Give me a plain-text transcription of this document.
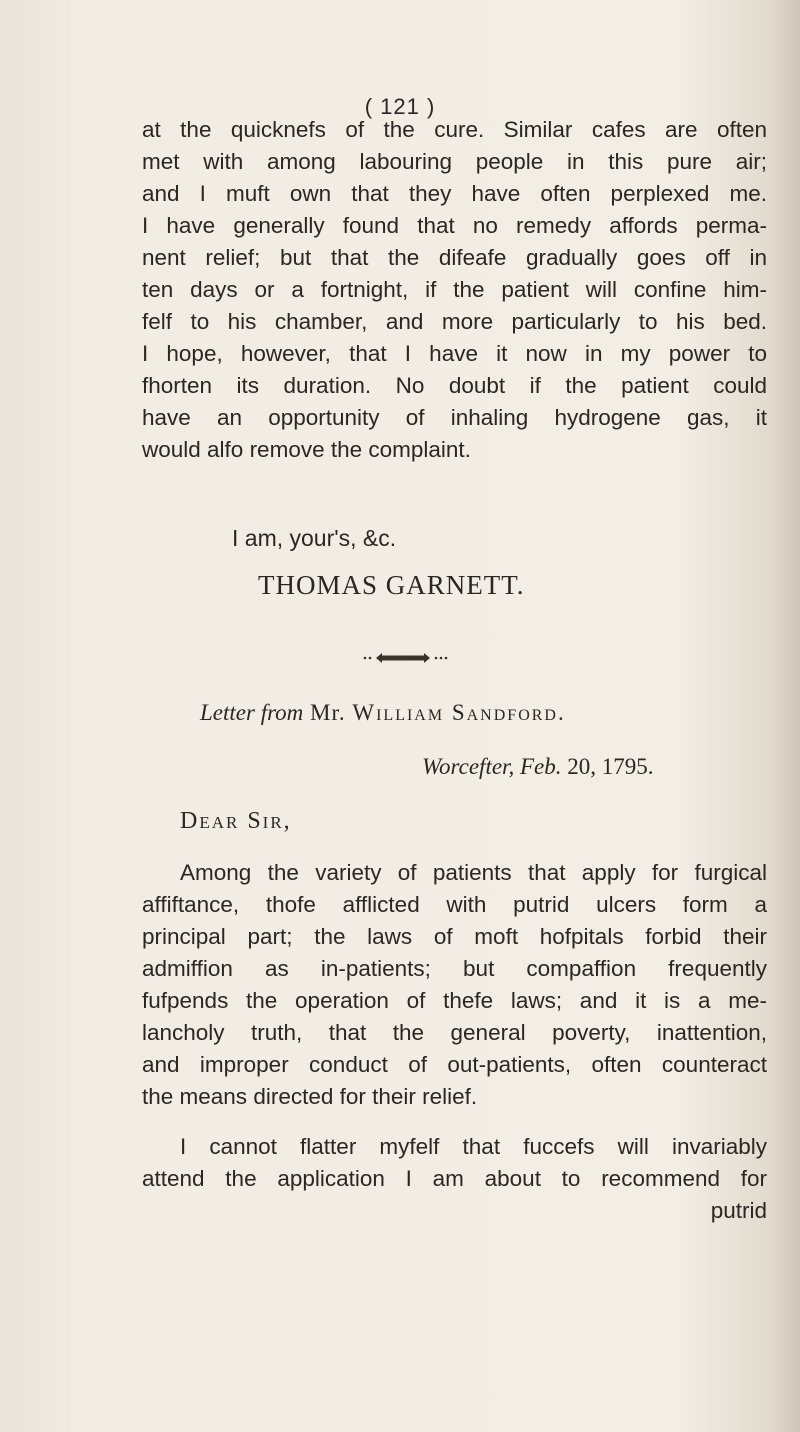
( 121 )
at the quicknefs of the cure. Similar cafes are often
met with among labouring people in this pure air;
and I muft own that they have often perplexed me.
I have generally found that no remedy affords perma-
nent relief; but that the difeafe gradually goes off in
ten days or a fortnight, if the patient will confine him-
felf to his chamber, and more particularly to his bed.
I hope, however, that I have it now in my power to
fhorten its duration. No doubt if the patient could
have an opportunity of inhaling hydrogene gas, it
would alfo remove the complaint.
I am, your's, &c.
THOMAS GARNETT.
Letter from Mr. William Sandford.
Worcefter, Feb. 20, 1795.
Dear Sir,
Among the variety of patients that apply for furgical
affiftance, thofe afflicted with putrid ulcers form a
principal part; the laws of moft hofpitals forbid their
admiffion as in-patients; but compaffion frequently
fufpends the operation of thefe laws; and it is a me-
lancholy truth, that the general poverty, inattention,
and improper conduct of out-patients, often counteract
the means directed for their relief.
I cannot flatter myfelf that fuccefs will invariably
attend the application I am about to recommend for
putrid
